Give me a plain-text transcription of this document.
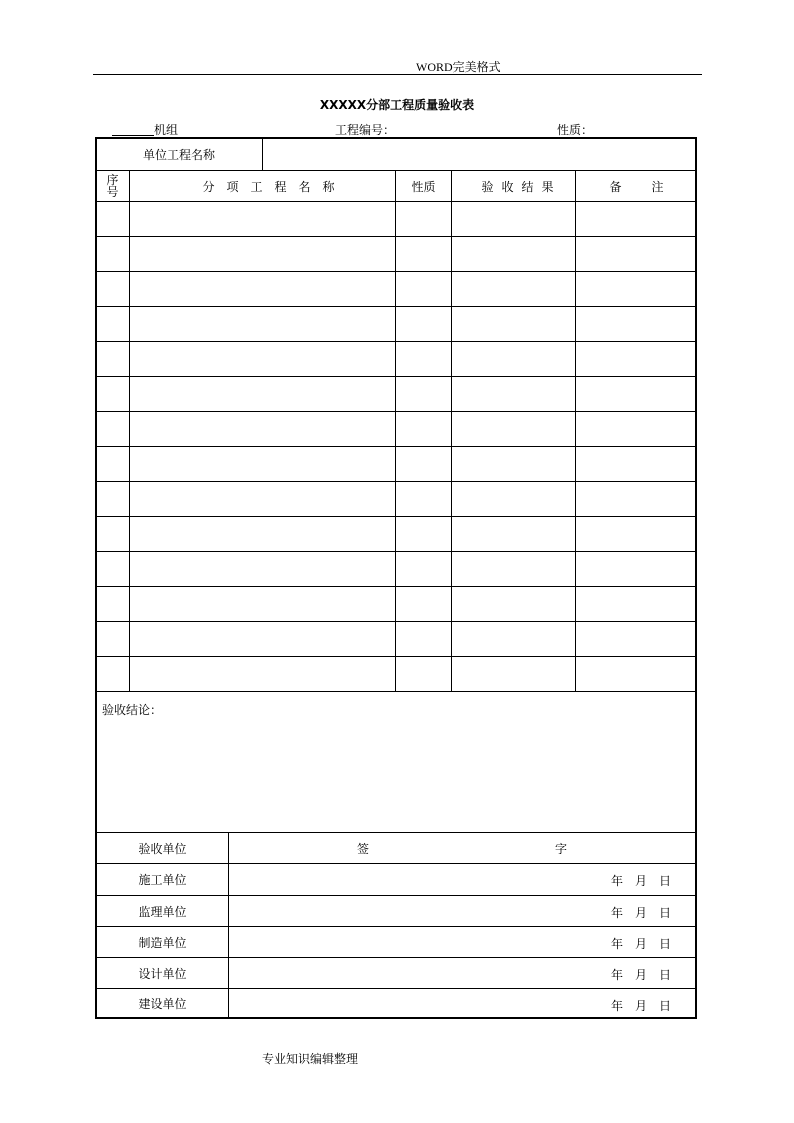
WORD完美格式
XXXXX分部工程质量验收表
机组	工程编号：	性质：
单位工程名称
序
号	分项工程名称	性质	验收结果	备注
验收结论：
验收单位	签	字
施工单位	年　月　日
监理单位	年　月　日
制造单位	年　月　日
设计单位	年　月　日
建设单位	年　月　日
专业知识编辑整理
